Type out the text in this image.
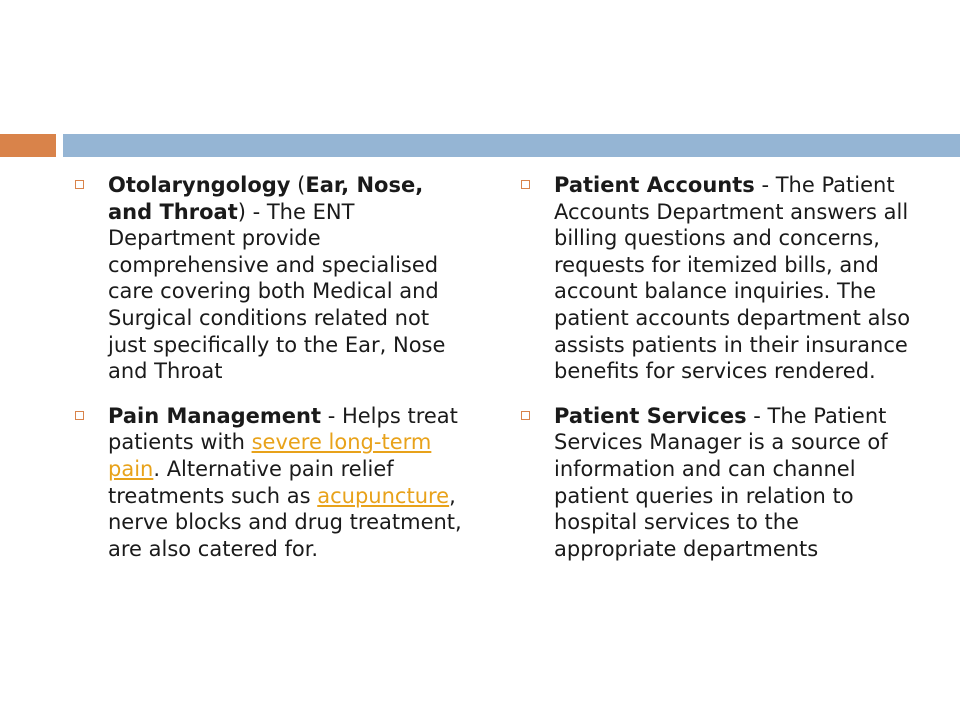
Otolaryngology (Ear, Nose, and Throat) - The ENT Department provide comprehensive and specialised care covering both Medical and Surgical conditions related not just specifically to the Ear, Nose and Throat
Pain Management - Helps treat patients with severe long-term pain. Alternative pain relief treatments such as acupuncture, nerve blocks and drug treatment, are also catered for.
Patient Accounts - The Patient Accounts Department answers all billing questions and concerns, requests for itemized bills, and account balance inquiries. The patient accounts department also assists patients in their insurance benefits for services rendered.
Patient Services - The Patient Services Manager is a source of information and can channel patient queries in relation to hospital services to the appropriate departments
